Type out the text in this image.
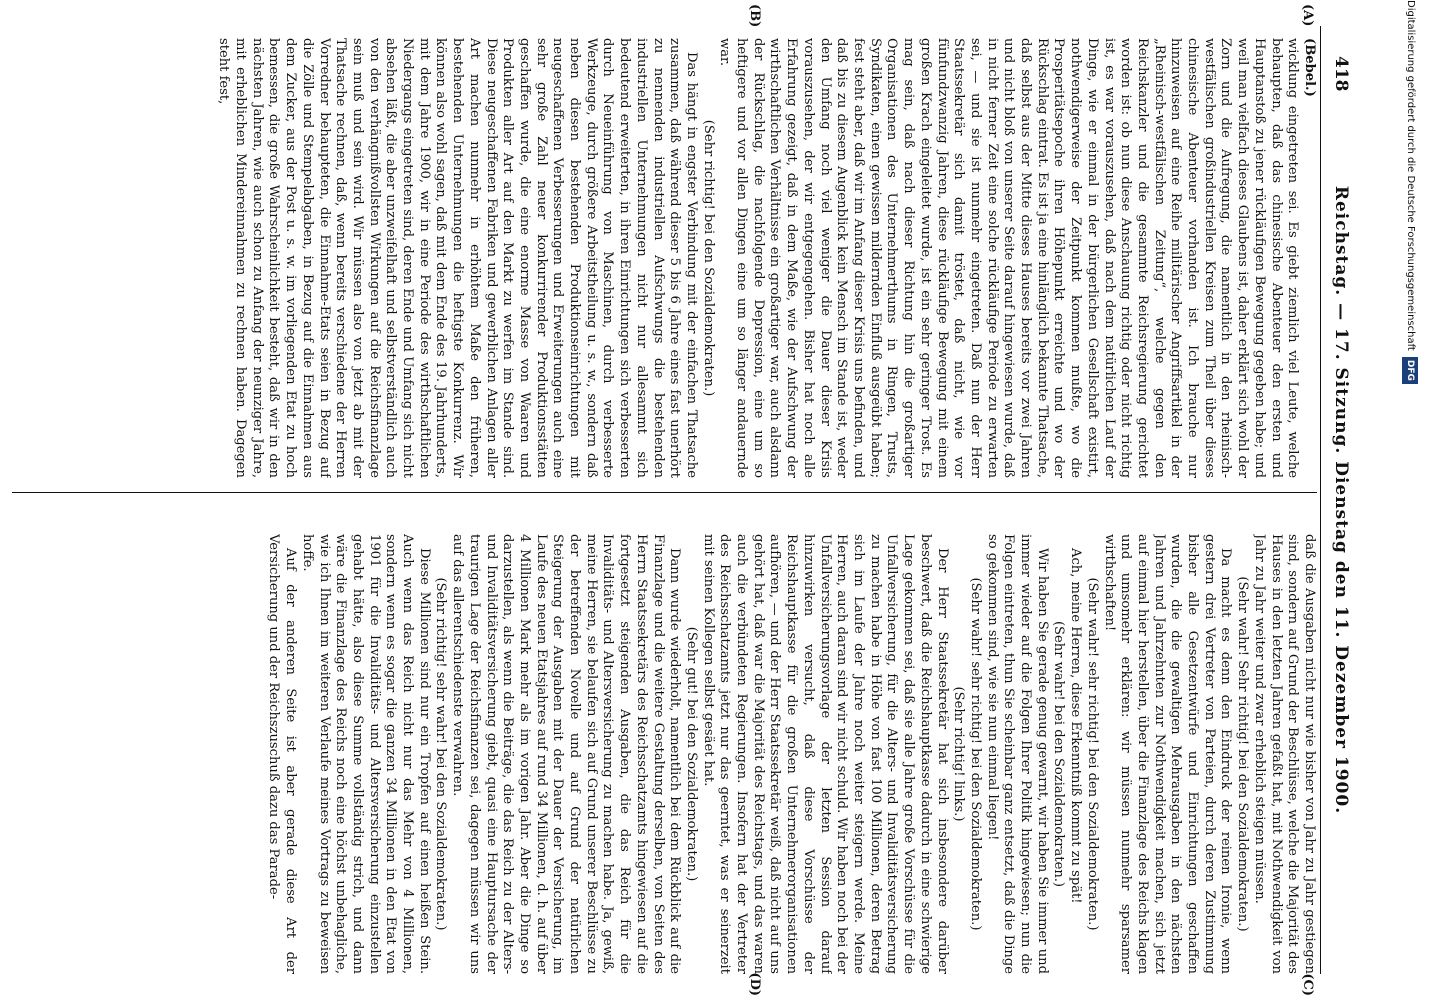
418
Reichstag. — 17. Sitzung. Dienstag den 11. Dezember 1900.
(A)
(B)
(C)
(D)

(Bebel.)

wicklung eingetreten sei. Es giebt ziemlich viel Leute, welche behaupten, daß das chinesische Abenteuer den ersten und Hauptanstoß zu jener rückläufigen Bewegung gegeben habe; und weil man vielfach dieses Glaubens ist, daher erklärt sich wohl der Zorn und die Aufregung, die namentlich in den rheinisch-westfälischen großindustriellen Kreisen zum Theil über dieses chinesische Abenteuer vorhanden ist. Ich brauche nur hinzuweisen auf eine Reihe militärischer Angriffsartikel in der „Rheinisch-westfälischen Zeitung“, welche gegen den Reichskanzler und die gesammte Reichsregierung gerichtet worden ist: ob nun diese Anschauung richtig oder nicht richtig ist, es war vorauszusehen, daß nach dem natürlichen Lauf der Dinge, wie er einmal in der bürgerlichen Gesellschaft existirt, nothwendigerweise der Zeitpunkt kommen mußte, wo die Prosperitätsepoche ihren Höhepunkt erreichte und wo der Rückschlag eintrat. Es ist ja eine hinlänglich bekannte Thatsache, daß selbst aus der Mitte dieses Hauses bereits vor zwei Jahren und nicht bloß von unserer Seite darauf hingewiesen wurde, daß in nicht ferner Zeit eine solche rückläufige Periode zu erwarten sei, — und sie ist nunmehr eingetreten. Daß nun der Herr Staatssekretär sich damit tröstet, daß nicht, wie vor fünfundzwanzig Jahren, diese rückläufige Bewegung mit einem großen Krach eingeleitet wurde, ist ein sehr geringer Trost. Es mag sein, daß nach dieser Richtung hin die großartiger Organisationen des Unternehmerthums in Ringen, Trusts, Syndikaten, einen gewissen mildernden Einfluß ausgeübt haben; fest steht aber, daß wir im Anfang dieser Krisis uns befinden, und daß bis zu diesem Augenblick kein Mensch im Stande ist, weder den Umfang noch viel weniger die Dauer dieser Krisis vorauszusehen, der wir entgegengehen. Bisher hat noch alle Erfahrung gezeigt, daß in dem Maße, wie der Aufschwung der wirthschaftlichen Verhältnisse ein großartiger war, auch alsdann der Rückschlag, die nachfolgende Depression, eine um so heftigere und vor allen Dingen eine um so länger andauernde war.

(Sehr richtig! bei den Sozialdemokraten.)

Das hängt in engster Verbindung mit der einfachen Thatsache zusammen, daß während dieser 5 bis 6 Jahre eines fast unerhört zu nennenden industriellen Aufschwungs die bestehenden industriellen Unternehmungen nicht nur allesammt sich bedeutend erweiterten, in ihren Einrichtungen sich verbesserten durch Neueinführung von Maschinen, durch verbesserte Werkzeuge, durch größere Arbeitstheilung u. s. w., sondern daß neben diesen bestehenden Produktionseinrichtungen mit neugeschaffenen Verbesserungen und Erweiterungen auch eine sehr große Zahl neuer konkurrirender Produktionsstätten geschaffen wurde, die eine enorme Masse von Waaren und Produkten aller Art auf den Markt zu werfen im Stande sind. Diese neugeschaffenen Fabriken und gewerblichen Anlagen aller Art machen nunmehr in erhöhtem Maße den früheren, bestehenden Unternehmungen die heftigste Konkurrenz. Wir können also wohl sagen, daß mit dem Ende des 19. Jahrhunderts, mit dem Jahre 1900, wir in eine Periode des wirthschaftlichen Niedergangs eingetreten sind, deren Ende und Umfang sich nicht absehen läßt, die aber unzweifelhaft und selbstverständlich auch von den verhängnißvollsten Wirkungen auf die Reichsfinanzlage sein muß und sein wird. Wir müssen also von jetzt ab mit der Thatsache rechnen, daß, wenn bereits verschiedene der Herren Vorredner behaupteten, die Einnahme-Etats seien in Bezug auf die Zölle und Stempelabgaben, in Bezug auf die Einnahmen aus dem Zucker, aus der Post u. s. w. im vorliegenden Etat zu hoch bemessen, die große Wahrscheinlichkeit besteht, daß wir in den nächsten Jahren, wie auch schon zu Anfang der neunziger Jahre, mit erheblichen Mindereinnahmen zu rechnen haben. Dagegen steht fest,

daß die Ausgaben nicht nur wie bisher von Jahr zu Jahr gestiegen sind, sondern auf Grund der Beschlüsse, welche die Majorität des Hauses in den letzten Jahren gefaßt hat, mit Nothwendigkeit von Jahr zu Jahr weiter und zwar erheblich steigen müssen.

(Sehr wahr! Sehr richtig! bei den Sozialdemokraten.)

Da macht es denn den Eindruck der reinen Ironie, wenn gestern drei Vertreter von Parteien, durch deren Zustimmung bisher alle Gesetzentwürfe und Einrichtungen geschaffen wurden, die die gewaltigen Mehrausgaben in den nächsten Jahren und Jahrzehnten zur Nothwendigkeit machen, sich jetzt auf einmal hier herstellen, über die Finanzlage des Reichs klagen und umsomehr erklären: wir müssen nunmehr sparsamer wirthschaften!

(Sehr wahr! sehr richtig! bei den Sozialdemokraten.)

Ach, meine Herren, diese Erkenntniß kommt zu spät!

(Sehr wahr! bei den Sozialdemokraten.)

Wir haben Sie gerade genug gewarnt, wir haben Sie immer und immer wieder auf die Folgen Ihrer Politik hingewiesen; nun die Folgen eintreten, thun Sie scheinbar ganz entsetzt, daß die Dinge so gekommen sind, wie sie nun einmal liegen!

(Sehr wahr! sehr richtig! bei den Sozialdemokraten.)

(Sehr richtig! links.)

Der Herr Staatssekretär hat sich insbesondere darüber beschwert, daß die Reichshauptkasse dadurch in eine schwierige Lage gekommen sei, daß sie alle Jahre große Vorschüsse für die Unfallversicherung, für die Alters- und Invaliditätsversicherung zu machen habe in Höhe von fast 100 Millionen, deren Betrag sich im Laufe der Jahre noch weiter steigern werde. Meine Herren, auch daran sind wir nicht schuld. Wir haben noch bei der Unfallversicherungsvorlage der letzten Session darauf hinzuwirken versucht, daß diese Vorschüsse der Reichshauptkasse für die großen Unternehmerorganisationen aufhören, — und der Herr Staatssekretär weiß, daß nicht auf uns gehört hat, daß war die Majorität des Reichstags, und das waren auch die verbündeten Regierungen. Insofern hat der Vertreter des Reichsschatzamts jetzt nur das geerntet, was er seinerzeit mit seinen Kollegen selbst gesäet hat.

(Sehr gut! bei den Sozialdemokraten.)

Dann wurde wiederholt, namentlich bei dem Rückblick auf die Finanzlage und die weitere Gestaltung derselben, von Seiten des Herrn Staatssekretärs des Reichsschatzamts hingewiesen auf die fortgesetzt steigenden Ausgaben, die das Reich für die Invaliditäts- und Altersversicherung zu machen habe. Ja, gewiß, meine Herren, sie belaufen sich auf Grund unserer Beschlüsse zu der betreffenden Novelle und auf Grund der natürlichen Steigerung der Ausgaben mit der Dauer der Versicherung, im Laufe des neuen Etatsjahres auf rund 34 Millionen, d. h. auf über 4 Millionen Mark mehr als im vorigen Jahr. Aber die Dinge so darzustellen, als wenn die Beiträge, die das Reich zu der Alters- und Invaliditätsversicherung giebt, quasi eine Hauptursache der traurigen Lage der Reichsfinanzen sei, dagegen müssen wir uns auf das allerentschiedenste verwahren.

(Sehr richtig! sehr wahr! bei den Sozialdemokraten.)

Diese Millionen sind nur ein Tropfen auf einen heißen Stein. Auch wenn das Reich nicht nur das Mehr von 4 Millionen, sondern wenn es sogar die ganzen 34 Millionen in den Etat von 1901 für die Invaliditäts- und Altersversicherung einzustellen gehabt hätte, also diese Summe vollständig strich, und dann wäre die Finanzlage des Reichs noch eine höchst unbehagliche, wie ich Ihnen im weiteren Verlaufe meines Vortrags zu beweisen hoffe.

Auf der anderen Seite ist aber gerade diese Art der Versicherung und der Reichszuschuß dazu das Parade-

Digitalisierung gefördert durch die Deutsche ForschungsgemeinschaftDFG
